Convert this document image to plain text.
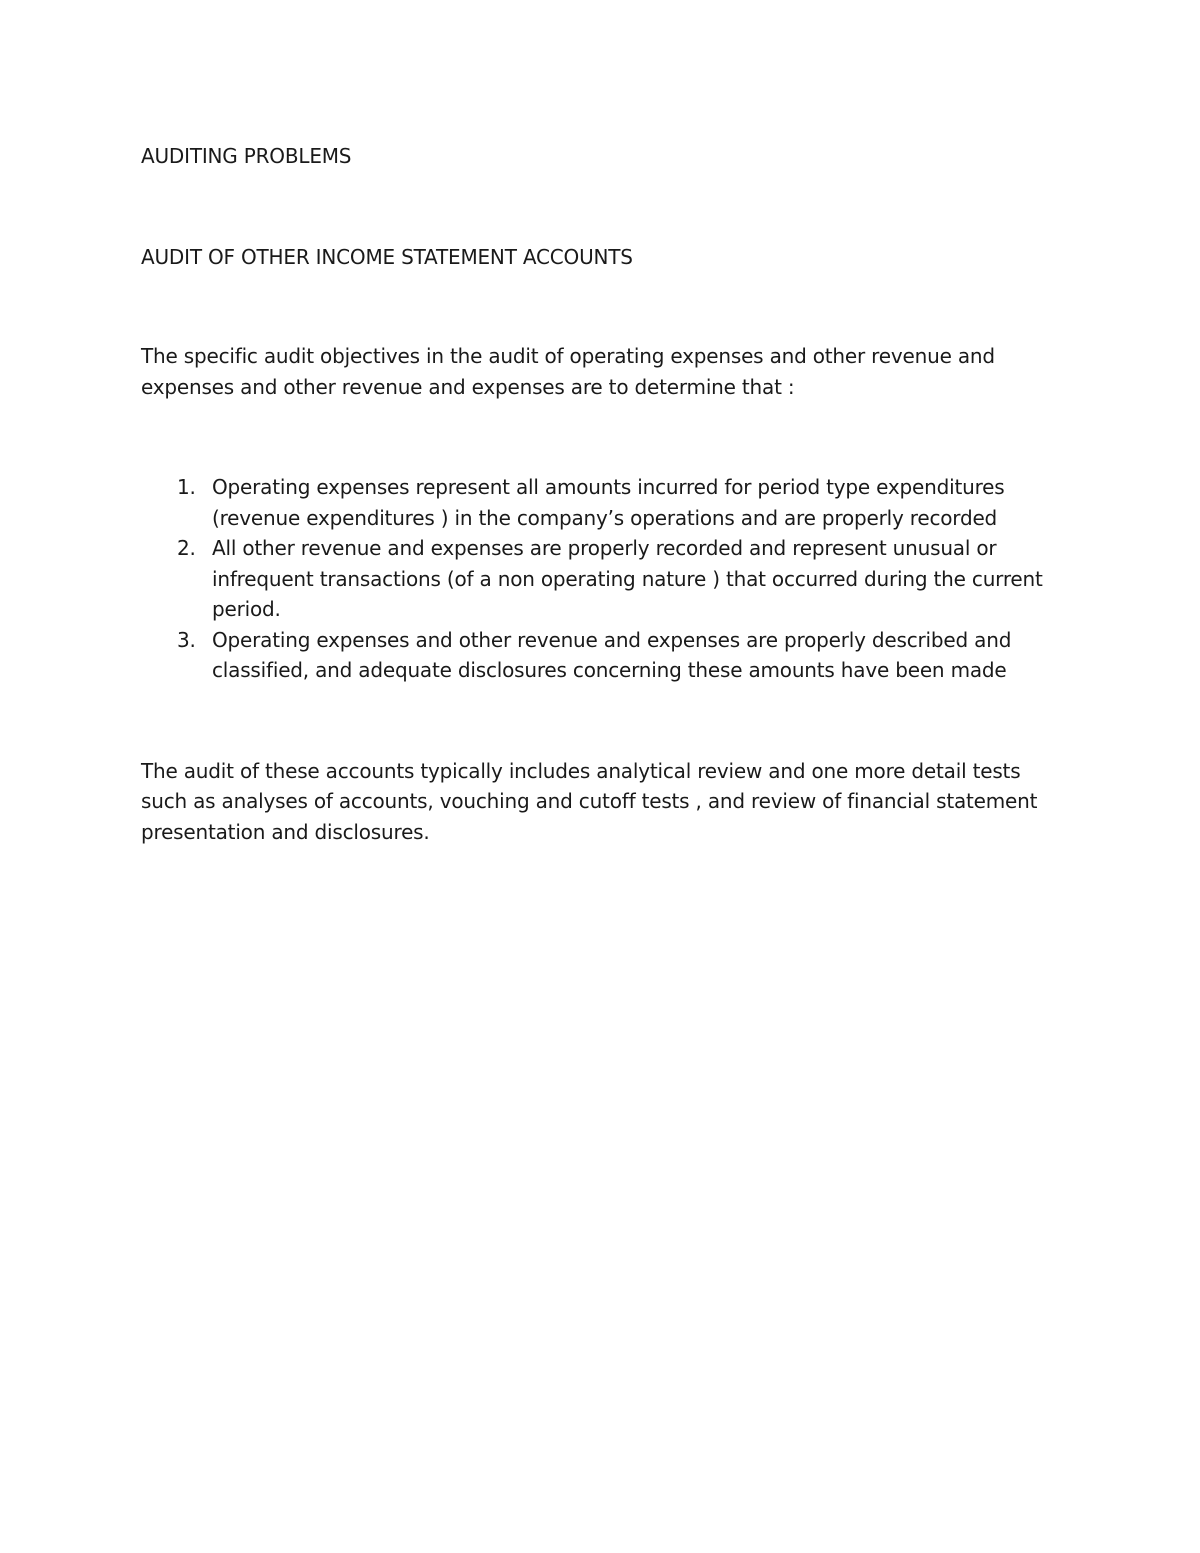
AUDITING PROBLEMS
AUDIT OF OTHER INCOME STATEMENT ACCOUNTS

The specific audit objectives in the audit of operating expenses and other revenue and expenses and other revenue and expenses are to determine that :

1. Operating expenses represent all amounts incurred for period type expenditures (revenue expenditures ) in the company’s operations and are properly recorded
2. All other revenue and expenses are properly recorded and represent unusual or infrequent transactions (of a non operating nature ) that occurred during the current period.
3. Operating expenses and other revenue and expenses are properly described and classified, and adequate disclosures concerning these amounts have been made

The audit of these accounts typically includes analytical review and one more detail tests such as analyses of accounts, vouching and cutoff tests , and review of financial statement presentation and disclosures.
